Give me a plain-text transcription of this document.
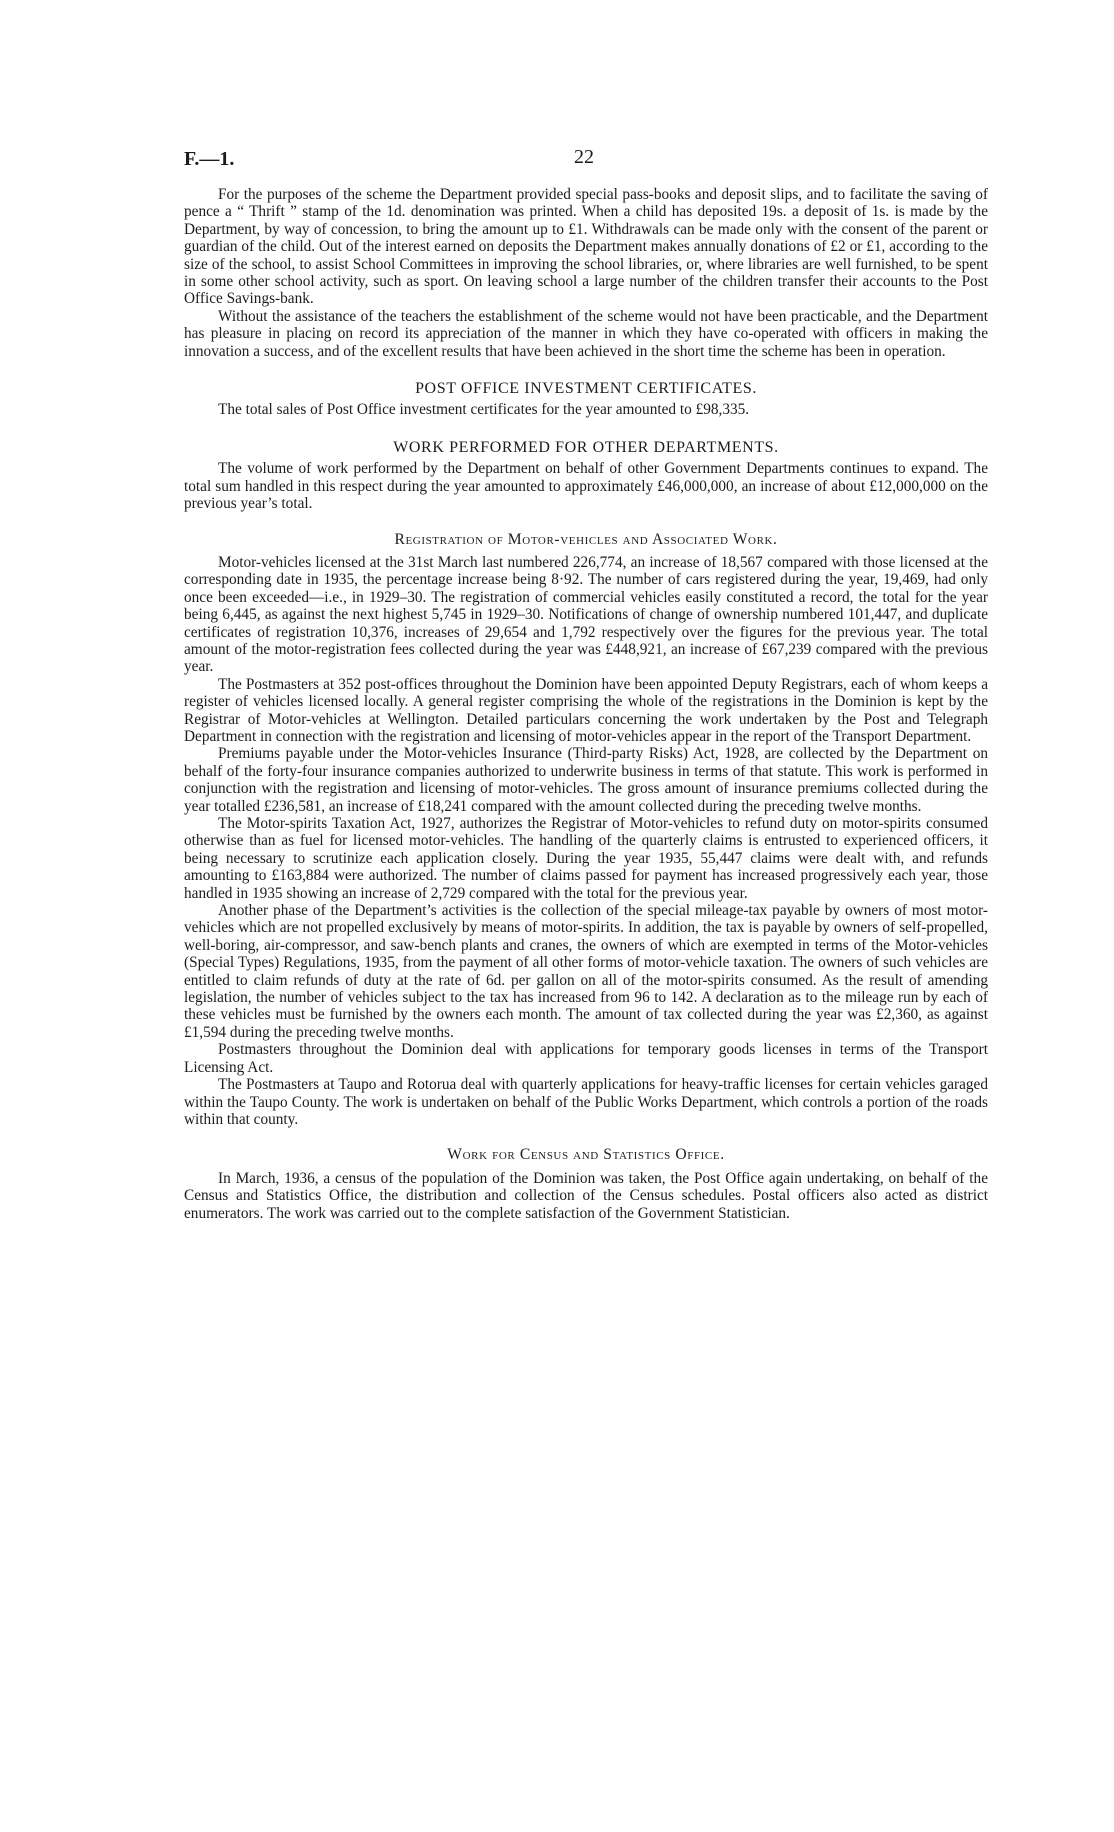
F.—1.	22

For the purposes of the scheme the Department provided special pass-books and deposit slips, and to facilitate the saving of pence a “ Thrift ” stamp of the 1d. denomination was printed. When a child has deposited 19s. a deposit of 1s. is made by the Department, by way of concession, to bring the amount up to £1. Withdrawals can be made only with the consent of the parent or guardian of the child. Out of the interest earned on deposits the Department makes annually donations of £2 or £1, according to the size of the school, to assist School Committees in improving the school libraries, or, where libraries are well furnished, to be spent in some other school activity, such as sport. On leaving school a large number of the children transfer their accounts to the Post Office Savings-bank.

Without the assistance of the teachers the establishment of the scheme would not have been practicable, and the Department has pleasure in placing on record its appreciation of the manner in which they have co-operated with officers in making the innovation a success, and of the excellent results that have been achieved in the short time the scheme has been in operation.

POST OFFICE INVESTMENT CERTIFICATES.

The total sales of Post Office investment certificates for the year amounted to £98,335.

WORK PERFORMED FOR OTHER DEPARTMENTS.

The volume of work performed by the Department on behalf of other Government Departments continues to expand. The total sum handled in this respect during the year amounted to approximately £46,000,000, an increase of about £12,000,000 on the previous year’s total.

Registration of Motor-vehicles and Associated Work.

Motor-vehicles licensed at the 31st March last numbered 226,774, an increase of 18,567 compared with those licensed at the corresponding date in 1935, the percentage increase being 8·92. The number of cars registered during the year, 19,469, had only once been exceeded—i.e., in 1929–30. The registration of commercial vehicles easily constituted a record, the total for the year being 6,445, as against the next highest 5,745 in 1929–30. Notifications of change of ownership numbered 101,447, and duplicate certificates of registration 10,376, increases of 29,654 and 1,792 respectively over the figures for the previous year. The total amount of the motor-registration fees collected during the year was £448,921, an increase of £67,239 compared with the previous year.

The Postmasters at 352 post-offices throughout the Dominion have been appointed Deputy Registrars, each of whom keeps a register of vehicles licensed locally. A general register comprising the whole of the registrations in the Dominion is kept by the Registrar of Motor-vehicles at Wellington. Detailed particulars concerning the work undertaken by the Post and Telegraph Department in connection with the registration and licensing of motor-vehicles appear in the report of the Transport Department.

Premiums payable under the Motor-vehicles Insurance (Third-party Risks) Act, 1928, are collected by the Department on behalf of the forty-four insurance companies authorized to underwrite business in terms of that statute. This work is performed in conjunction with the registration and licensing of motor-vehicles. The gross amount of insurance premiums collected during the year totalled £236,581, an increase of £18,241 compared with the amount collected during the preceding twelve months.

The Motor-spirits Taxation Act, 1927, authorizes the Registrar of Motor-vehicles to refund duty on motor-spirits consumed otherwise than as fuel for licensed motor-vehicles. The handling of the quarterly claims is entrusted to experienced officers, it being necessary to scrutinize each application closely. During the year 1935, 55,447 claims were dealt with, and refunds amounting to £163,884 were authorized. The number of claims passed for payment has increased progressively each year, those handled in 1935 showing an increase of 2,729 compared with the total for the previous year.

Another phase of the Department’s activities is the collection of the special mileage-tax payable by owners of most motor-vehicles which are not propelled exclusively by means of motor-spirits. In addition, the tax is payable by owners of self-propelled, well-boring, air-compressor, and saw-bench plants and cranes, the owners of which are exempted in terms of the Motor-vehicles (Special Types) Regulations, 1935, from the payment of all other forms of motor-vehicle taxation. The owners of such vehicles are entitled to claim refunds of duty at the rate of 6d. per gallon on all of the motor-spirits consumed. As the result of amending legislation, the number of vehicles subject to the tax has increased from 96 to 142. A declaration as to the mileage run by each of these vehicles must be furnished by the owners each month. The amount of tax collected during the year was £2,360, as against £1,594 during the preceding twelve months.

Postmasters throughout the Dominion deal with applications for temporary goods licenses in terms of the Transport Licensing Act.

The Postmasters at Taupo and Rotorua deal with quarterly applications for heavy-traffic licenses for certain vehicles garaged within the Taupo County. The work is undertaken on behalf of the Public Works Department, which controls a portion of the roads within that county.

Work for Census and Statistics Office.

In March, 1936, a census of the population of the Dominion was taken, the Post Office again undertaking, on behalf of the Census and Statistics Office, the distribution and collection of the Census schedules. Postal officers also acted as district enumerators. The work was carried out to the complete satisfaction of the Government Statistician.
